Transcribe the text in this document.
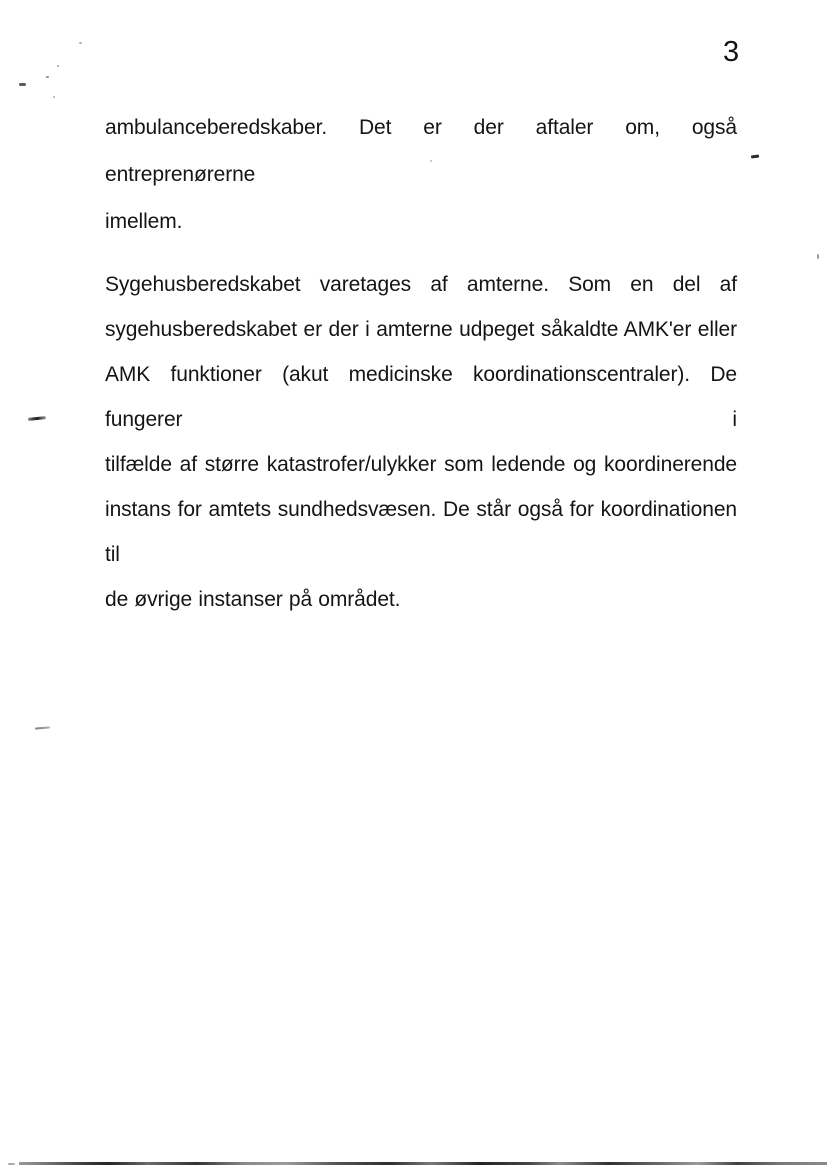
3
ambulanceberedskaber. Det er der aftaler om, også entreprenørerne
imellem.
Sygehusberedskabet varetages af amterne. Som en del af
sygehusberedskabet er der i amterne udpeget såkaldte AMK'er eller
AMK funktioner (akut medicinske koordinationscentraler). De fungerer i
tilfælde af større katastrofer/ulykker som ledende og koordinerende
instans for amtets sundhedsvæsen. De står også for koordinationen til
de øvrige instanser på området.
